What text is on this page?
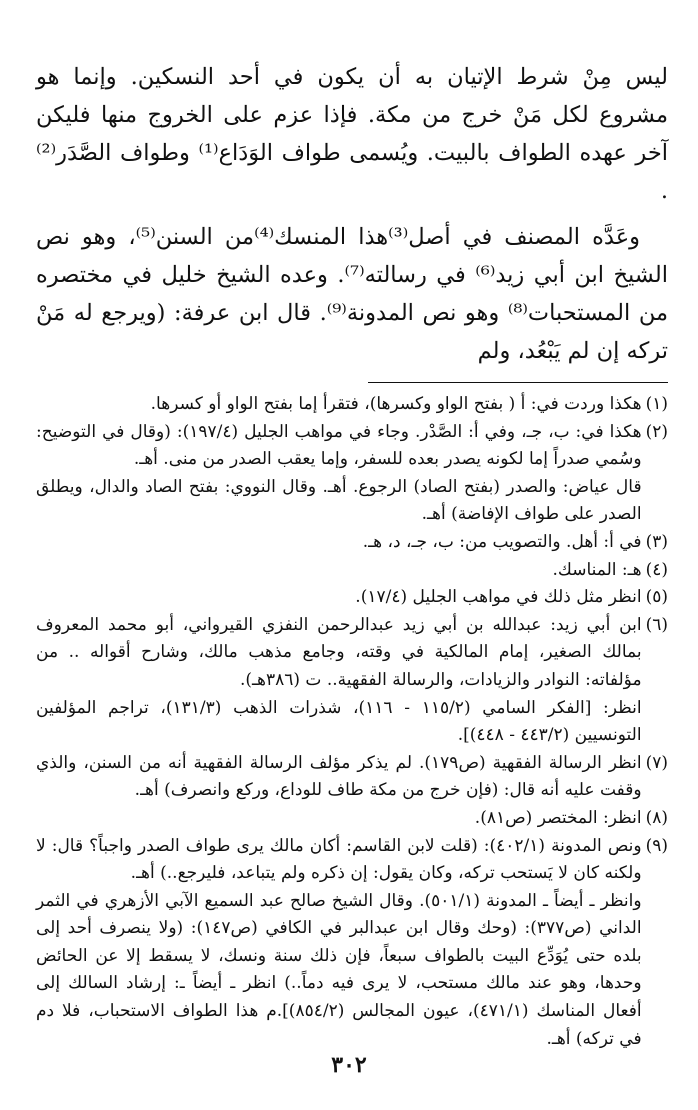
ليس مِنْ شرط الإتيان به أن يكون في أحد النسكين. وإنما هو مشروع لكل مَنْ خرج من مكة. فإذا عزم على الخروج منها فليكن آخر عهده الطواف بالبيت. ويُسمى طواف الوَدَاع⁽¹⁾ وطواف الصَّدَر⁽²⁾ .

وعَدَّه المصنف في أصل⁽³⁾هذا المنسك⁽⁴⁾من السنن⁽⁵⁾، وهو نص الشيخ ابن أبي زيد⁽⁶⁾ في رسالته⁽⁷⁾. وعده الشيخ خليل في مختصره من المستحبات⁽⁸⁾ وهو نص المدونة⁽⁹⁾. قال ابن عرفة: (ويرجع له مَنْ تركه إن لم يَبْعُد، ولم

(١)

هكذا وردت في: أ ( بفتح الواو وكسرها)، فتقرأ إما بفتح الواو أو كسرها.

(٢)

هكذا في: ب، جـ، وفي أ: الصَّدْر. وجاء في مواهب الجليل (١٩٧/٤): (وقال في التوضيح: وسُمي صدراً إما لكونه يصدر بعده للسفر، وإما يعقب الصدر من منى. أهـ.

قال عياض: والصدر (بفتح الصاد) الرجوع. أهـ. وقال النووي: بفتح الصاد والدال، ويطلق الصدر على طواف الإفاضة) أهـ.

(٣)

في أ: أهل. والتصويب من: ب، جـ، د، هـ.

(٤)

هـ: المناسك.

(٥)

انظر مثل ذلك في مواهب الجليل (١٧/٤).

(٦)

ابن أبي زيد: عبدالله بن أبي زيد عبدالرحمن النفزي القيرواني، أبو محمد المعروف بمالك الصغير، إمام المالكية في وقته، وجامع مذهب مالك، وشارح أقواله .. من مؤلفاته: النوادر والزيادات، والرسالة الفقهية.. ت (٣٨٦هـ).

انظر: [الفكر السامي (١١٥/٢ - ١١٦)، شذرات الذهب (١٣١/٣)، تراجم المؤلفين التونسيين (٤٤٣/٢ - ٤٤٨)].

(٧)

انظر الرسالة الفقهية (ص١٧٩). لم يذكر مؤلف الرسالة الفقهية أنه من السنن، والذي وقفت عليه أنه قال: (فإن خرج من مكة طاف للوداع، وركع وانصرف) أهـ.

(٨)

انظر: المختصر (ص٨١).

(٩)

ونص المدونة (٤٠٢/١): (قلت لابن القاسم: أكان مالك يرى طواف الصدر واجباً؟ قال: لا ولكنه كان لا يَستحب تركه، وكان يقول: إن ذكره ولم يتباعد، فليرجع..) أهـ.

وانظر ـ أيضاً ـ المدونة (٥٠١/١). وقال الشيخ صالح عبد السميع الآبي الأزهري في الثمر الداني (ص٣٧٧): (وحك وقال ابن عبدالبر في الكافي (ص١٤٧): (ولا ينصرف أحد إلى بلده حتى يُوَدِّع البيت بالطواف سبعاً، فإن ذلك سنة ونسك، لا يسقط إلا عن الحائض وحدها، وهو عند مالك مستحب، لا يرى فيه دماً..) انظر ـ أيضاً ـ: إرشاد السالك إلى أفعال المناسك (٤٧١/١)، عيون المجالس (٨٥٤/٢)].م هذا الطواف الاستحباب، فلا دم في تركه) أهـ.

٣٠٢
